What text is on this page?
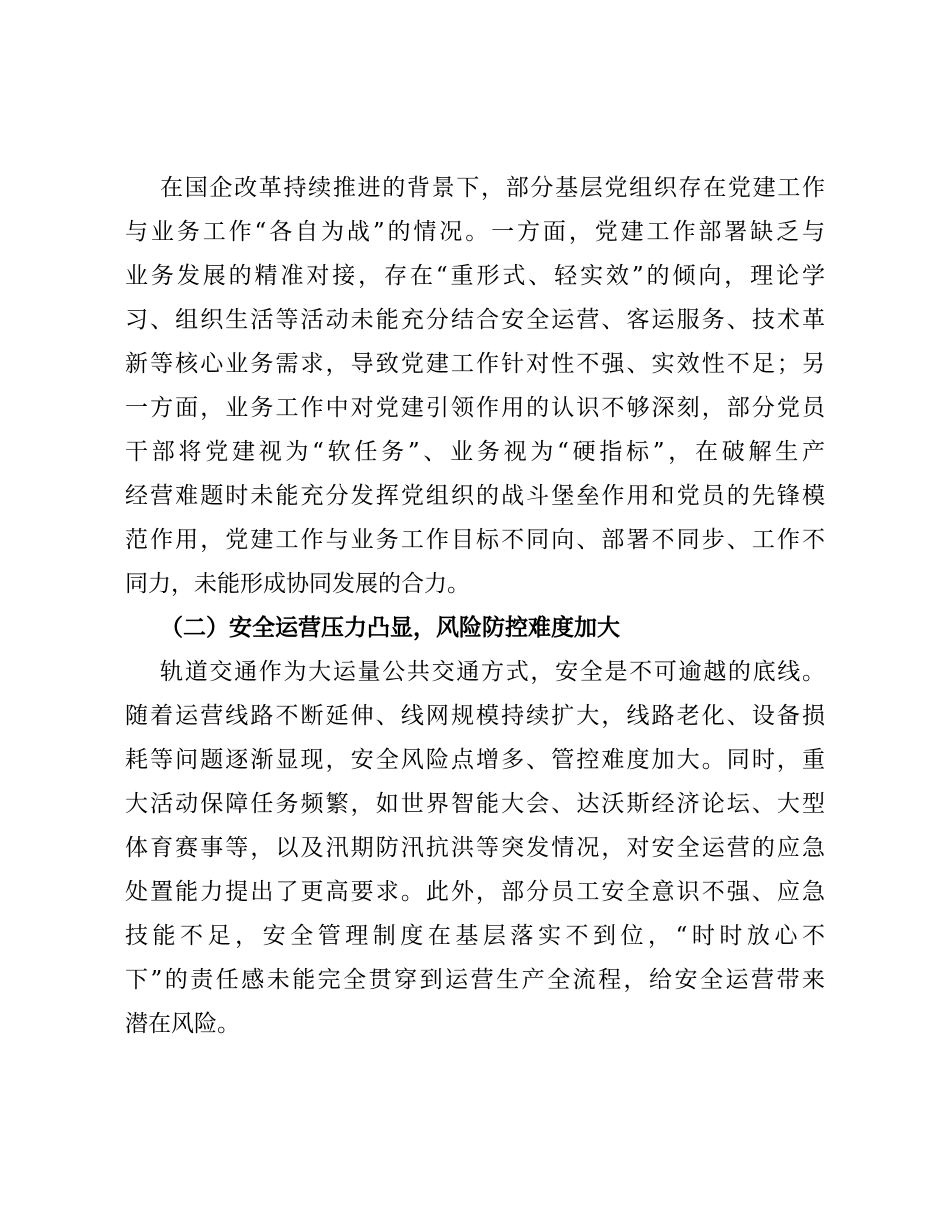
在国企改革持续推进的背景下，部分基层党组织存在党建工作
与业务工作“各自为战”的情况。一方面，党建工作部署缺乏与
业务发展的精准对接，存在“重形式、轻实效”的倾向，理论学
习、组织生活等活动未能充分结合安全运营、客运服务、技术革
新等核心业务需求，导致党建工作针对性不强、实效性不足；另
一方面，业务工作中对党建引领作用的认识不够深刻，部分党员
干部将党建视为“软任务”、业务视为“硬指标”，在破解生产
经营难题时未能充分发挥党组织的战斗堡垒作用和党员的先锋模
范作用，党建工作与业务工作目标不同向、部署不同步、工作不
同力，未能形成协同发展的合力。
（二）安全运营压力凸显，风险防控难度加大
轨道交通作为大运量公共交通方式，安全是不可逾越的底线。
随着运营线路不断延伸、线网规模持续扩大，线路老化、设备损
耗等问题逐渐显现，安全风险点增多、管控难度加大。同时，重
大活动保障任务频繁，如世界智能大会、达沃斯经济论坛、大型
体育赛事等，以及汛期防汛抗洪等突发情况，对安全运营的应急
处置能力提出了更高要求。此外，部分员工安全意识不强、应急
技能不足，安全管理制度在基层落实不到位，“时时放心不
下”的责任感未能完全贯穿到运营生产全流程，给安全运营带来
潜在风险。
